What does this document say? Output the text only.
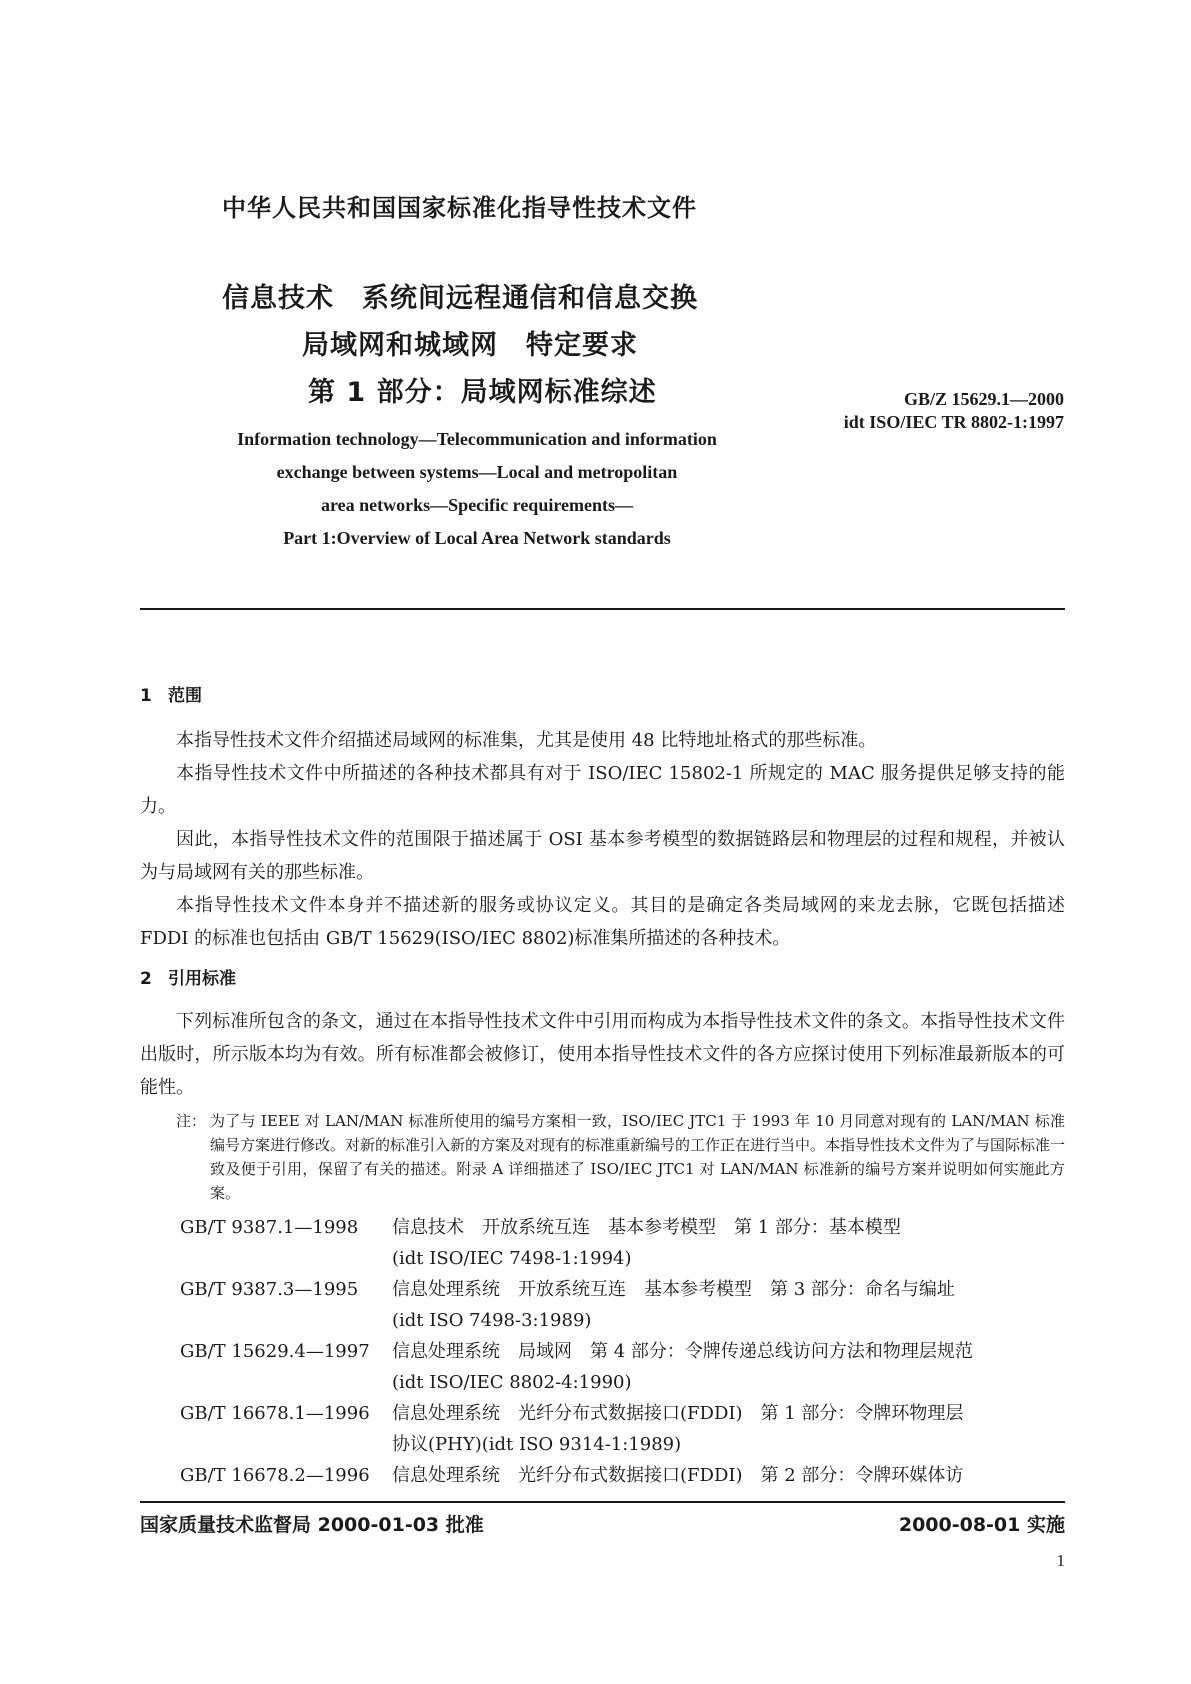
中华人民共和国国家标准化指导性技术文件
信息技术　系统间远程通信和信息交换
局域网和城域网　特定要求
第 1 部分：局域网标准综述	GB/Z 15629.1—2000
idt ISO/IEC TR 8802-1:1997
Information technology—Telecommunication and information
exchange between systems—Local and metropolitan
area networks—Specific requirements—
Part 1:Overview of Local Area Network standards
1 范围
本指导性技术文件介绍描述局域网的标准集，尤其是使用 48 比特地址格式的那些标准。
本指导性技术文件中所描述的各种技术都具有对于 ISO/IEC 15802-1 所规定的 MAC 服务提供足够支持的能力。
因此，本指导性技术文件的范围限于描述属于 OSI 基本参考模型的数据链路层和物理层的过程和规程，并被认为与局域网有关的那些标准。
本指导性技术文件本身并不描述新的服务或协议定义。其目的是确定各类局域网的来龙去脉，它既包括描述 FDDI 的标准也包括由 GB/T 15629(ISO/IEC 8802)标准集所描述的各种技术。
2 引用标准
下列标准所包含的条文，通过在本指导性技术文件中引用而构成为本指导性技术文件的条文。本指导性技术文件出版时，所示版本均为有效。所有标准都会被修订，使用本指导性技术文件的各方应探讨使用下列标准最新版本的可能性。
注： 为了与 IEEE 对 LAN/MAN 标准所使用的编号方案相一致，ISO/IEC JTC1 于 1993 年 10 月同意对现有的 LAN/MAN 标准编号方案进行修改。对新的标准引入新的方案及对现有的标准重新编号的工作正在进行当中。本指导性技术文件为了与国际标准一致及便于引用，保留了有关的描述。附录 A 详细描述了 ISO/IEC JTC1 对 LAN/MAN 标准新的编号方案并说明如何实施此方案。
GB/T 9387.1—1998 信息技术　开放系统互连　基本参考模型　第 1 部分：基本模型
(idt ISO/IEC 7498-1:1994)
GB/T 9387.3—1995 信息处理系统　开放系统互连　基本参考模型　第 3 部分：命名与编址
(idt ISO 7498-3:1989)
GB/T 15629.4—1997 信息处理系统　局域网　第 4 部分：令牌传递总线访问方法和物理层规范
(idt ISO/IEC 8802-4:1990)
GB/T 16678.1—1996 信息处理系统　光纤分布式数据接口(FDDI)　第 1 部分：令牌环物理层
协议(PHY)(idt ISO 9314-1:1989)
GB/T 16678.2—1996 信息处理系统　光纤分布式数据接口(FDDI)　第 2 部分：令牌环媒体访
国家质量技术监督局 2000-01-03 批准	2000-08-01 实施
1
